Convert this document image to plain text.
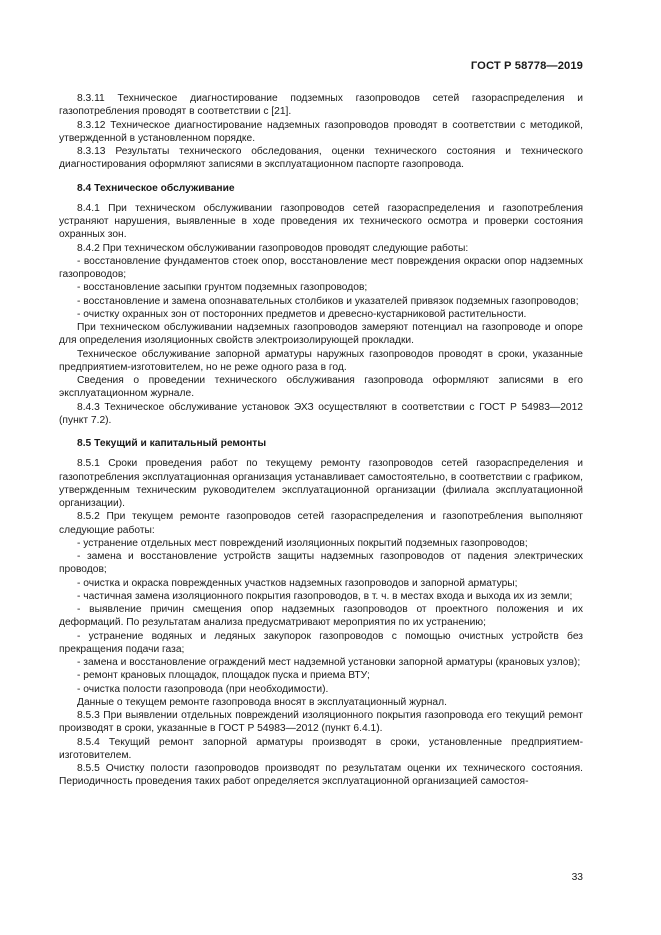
ГОСТ Р 58778—2019

8.3.11 Техническое диагностирование подземных газопроводов сетей газораспределения и газопотребления проводят в соответствии с [21].

8.3.12 Техническое диагностирование надземных газопроводов проводят в соответствии с методикой, утвержденной в установленном порядке.

8.3.13 Результаты технического обследования, оценки технического состояния и технического диагностирования оформляют записями в эксплуатационном паспорте газопровода.

8.4 Техническое обслуживание

8.4.1 При техническом обслуживании газопроводов сетей газораспределения и газопотребления устраняют нарушения, выявленные в ходе проведения их технического осмотра и проверки состояния охранных зон.

8.4.2 При техническом обслуживании газопроводов проводят следующие работы:

- восстановление фундаментов стоек опор, восстановление мест повреждения окраски опор надземных газопроводов;

- восстановление засыпки грунтом подземных газопроводов;

- восстановление и замена опознавательных столбиков и указателей привязок подземных газопроводов;

- очистку охранных зон от посторонних предметов и древесно-кустарниковой растительности.

При техническом обслуживании надземных газопроводов замеряют потенциал на газопроводе и опоре для определения изоляционных свойств электроизолирующей прокладки.

Техническое обслуживание запорной арматуры наружных газопроводов проводят в сроки, указанные предприятием-изготовителем, но не реже одного раза в год.

Сведения о проведении технического обслуживания газопровода оформляют записями в его эксплуатационном журнале.

8.4.3 Техническое обслуживание установок ЭХЗ осуществляют в соответствии с ГОСТ Р 54983—2012 (пункт 7.2).

8.5 Текущий и капитальный ремонты

8.5.1 Сроки проведения работ по текущему ремонту газопроводов сетей газораспределения и газопотребления эксплуатационная организация устанавливает самостоятельно, в соответствии с графиком, утвержденным техническим руководителем эксплуатационной организации (филиала эксплуатационной организации).

8.5.2 При текущем ремонте газопроводов сетей газораспределения и газопотребления выполняют следующие работы:

- устранение отдельных мест повреждений изоляционных покрытий подземных газопроводов;

- замена и восстановление устройств защиты надземных газопроводов от падения электрических проводов;

- очистка и окраска поврежденных участков надземных газопроводов и запорной арматуры;

- частичная замена изоляционного покрытия газопроводов, в т. ч. в местах входа и выхода их из земли;

- выявление причин смещения опор надземных газопроводов от проектного положения и их деформаций. По результатам анализа предусматривают мероприятия по их устранению;

- устранение водяных и ледяных закупорок газопроводов с помощью очистных устройств без прекращения подачи газа;

- замена и восстановление ограждений мест надземной установки запорной арматуры (крановых узлов);

- ремонт крановых площадок, площадок пуска и приема ВТУ;

- очистка полости газопровода (при необходимости).

Данные о текущем ремонте газопровода вносят в эксплуатационный журнал.

8.5.3 При выявлении отдельных повреждений изоляционного покрытия газопровода его текущий ремонт производят в сроки, указанные в ГОСТ Р 54983—2012 (пункт 6.4.1).

8.5.4 Текущий ремонт запорной арматуры производят в сроки, установленные предприятием-изготовителем.

8.5.5 Очистку полости газопроводов производят по результатам оценки их технического состояния. Периодичность проведения таких работ определяется эксплуатационной организацией самостоя-

33
